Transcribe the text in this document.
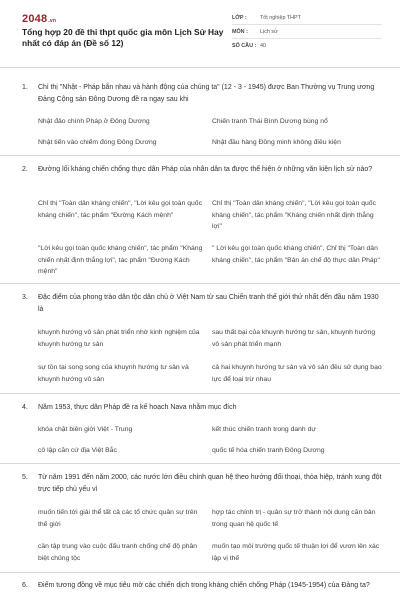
2048.vn
Tổng hợp 20 đề thi thpt quốc gia môn Lịch Sử Hay nhất có đáp án (Đề số 12)
LỚP :	Tốt nghiệp THPT
MÔN :	Lịch sử
SỐ CÂU : 40
1. Chỉ thị "Nhật - Pháp bắn nhau và hành động của chúng ta" (12 - 3 - 1945) được Ban Thường vụ Trung ương Đảng Cộng sản Đông Dương đề ra ngay sau khi
Nhật đảo chính Pháp ở Đông Dương	Chiến tranh Thái Bình Dương bùng nổ
Nhật tiến vào chiếm đóng Đông Dương	Nhật đầu hàng Đồng minh không điều kiện
2. Đường lối kháng chiến chống thực dân Pháp của nhân dân ta được thể hiện ở những văn kiện lịch sử nào?
Chỉ thị "Toàn dân kháng chiến", "Lời kêu gọi toàn quốc kháng chiến", tác phẩm "Đường Kách mệnh"
Chỉ thị "Toàn dân kháng chiến", "Lời kêu gọi toàn quốc kháng chiến", tác phẩm "Kháng chiến nhất định thắng lợi"
"Lời kêu gọi toàn quốc kháng chiến", tác phẩm "Kháng chiến nhất định thắng lợi", tác phẩm "Đường Kách mệnh"
" Lời kêu gọi toàn quốc kháng chiến", Chỉ thị "Toàn dân kháng chiến", tác phẩm "Bản án chế độ thực dân Pháp"
3. Đặc điểm của phong trào dân tộc dân chủ ở Việt Nam từ sau Chiến tranh thế giới thứ nhất đến đầu năm 1930 là
khuynh hướng vô sản phát triển nhờ kinh nghiệm của khuynh hướng tư sản
sau thất bại của khuynh hướng tư sản, khuynh hướng vô sản phát triển mạnh
sự tồn tại song song của khuynh hướng tư sản và khuynh hướng vô sản
cả hai khuynh hướng tư sản và vô sản đều sử dụng bạo lực để loại trừ nhau
4. Năm 1953, thực dân Pháp đề ra kế hoạch Nava nhằm mục đích
khóa chặt biên giới Việt - Trung	kết thúc chiến tranh trong danh dự
cô lập căn cứ địa Việt Bắc	quốc tế hóa chiến tranh Đông Dương
5. Từ năm 1991 đến năm 2000, các nước lớn điều chỉnh quan hệ theo hướng đối thoại, thỏa hiệp, tránh xung đột trực tiếp chủ yếu vì
muốn tiến tới giải thể tất cả các tổ chức quân sự trên thế giới
hợp tác chính trị - quân sự trở thành nội dung căn bản trong quan hệ quốc tế
cần tập trung vào cuộc đấu tranh chống chế độ phân biệt chủng tộc
muốn tạo môi trường quốc tế thuận lợi để vươn lên xác lập vị thế
6. Điểm tương đồng về mục tiêu mở các chiến dịch trong kháng chiến chống Pháp (1945-1954) của Đảng ta?
